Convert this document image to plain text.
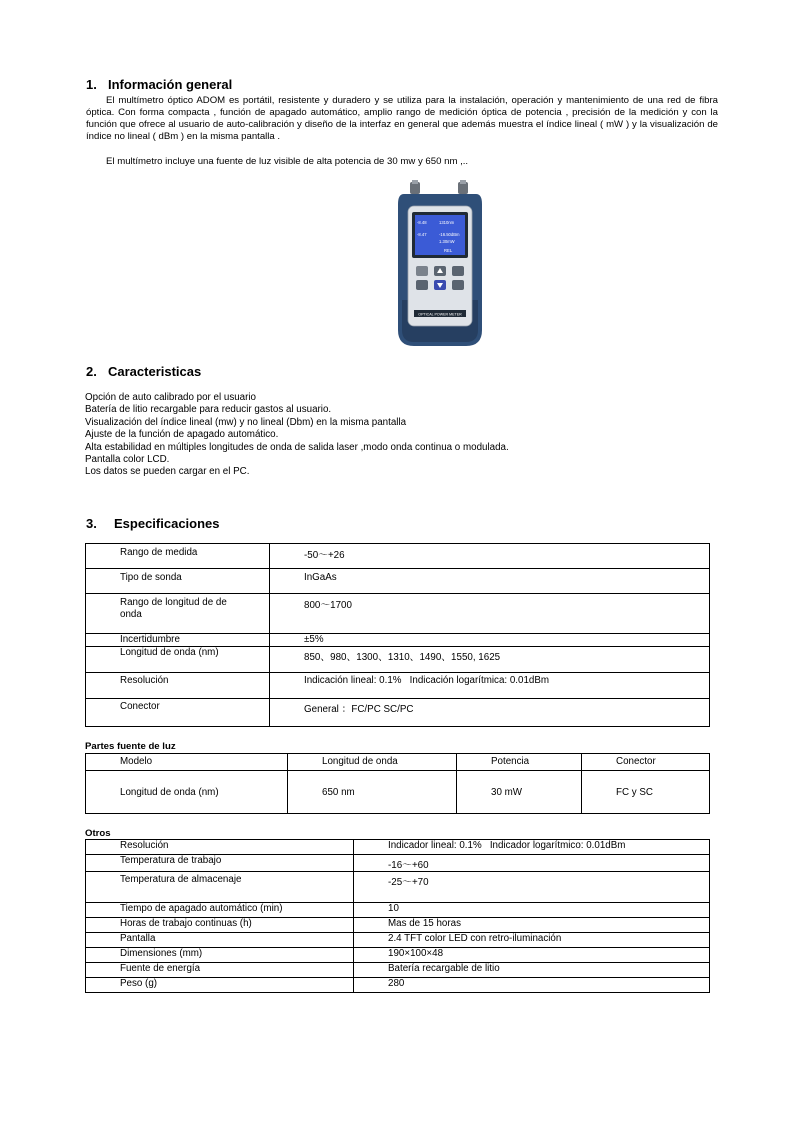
1. Información general
El multímetro óptico ADOM es portátil, resistente y duradero y se utiliza para la instalación, operación y mantenimiento de una red de fibra óptica. Con forma compacta , función de apagado automático, amplio rango de medición óptica de potencia , precisión de la medición y con la función que ofrece al usuario de auto-calibración y diseño de la interfaz en general que además muestra el índice lineal ( mW ) y la visualización de índice no lineal ( dBm ) en la misma pantalla .
El multímetro incluye una fuente de luz visible de alta potencia de 30 mw y 650 nm ,..
-8.48	1310nm
-8.47	-16.50dBm
1.30mW
REL
OPTICAL POWER METER
2. Caracteristicas
Opción de auto calibrado por el usuario
Batería de litio recargable para reducir gastos al usuario.
Visualización del índice lineal (mw) y no lineal (Dbm) en la misma pantalla
Ajuste de la función de apagado automático.
Alta estabilidad en múltiples longitudes de onda de salida laser ,modo onda continua o modulada.
Pantalla color LCD.
Los datos se pueden cargar en el PC.
3. Especificaciones
Rango de medida	-50～+26
Tipo de sonda	InGaAs
Rango de longitud de de onda	800～1700
Incertidumbre	±5%
Longitud de onda (nm)	850、980、1300、1310、1490、1550, 1625
Resolución	Indicación lineal: 0.1%   Indicación logarítmica: 0.01dBm
Conector	General ：FC/PC SC/PC
Partes fuente de luz
Modelo	Longitud de onda	Potencia	Conector
Longitud de onda (nm)	650 nm	30 mW	FC y SC
Otros
Resolución	Indicador lineal: 0.1%   Indicador logarítmico: 0.01dBm
Temperatura de trabajo	-16～+60
Temperatura de almacenaje	-25～+70
Tiempo de apagado automático (min)	10
Horas de trabajo continuas (h)	Mas de 15 horas
Pantalla	2.4 TFT color LED con retro-iluminación
Dimensiones (mm)	190×100×48
Fuente de energía	Batería recargable de litio
Peso (g)	280
